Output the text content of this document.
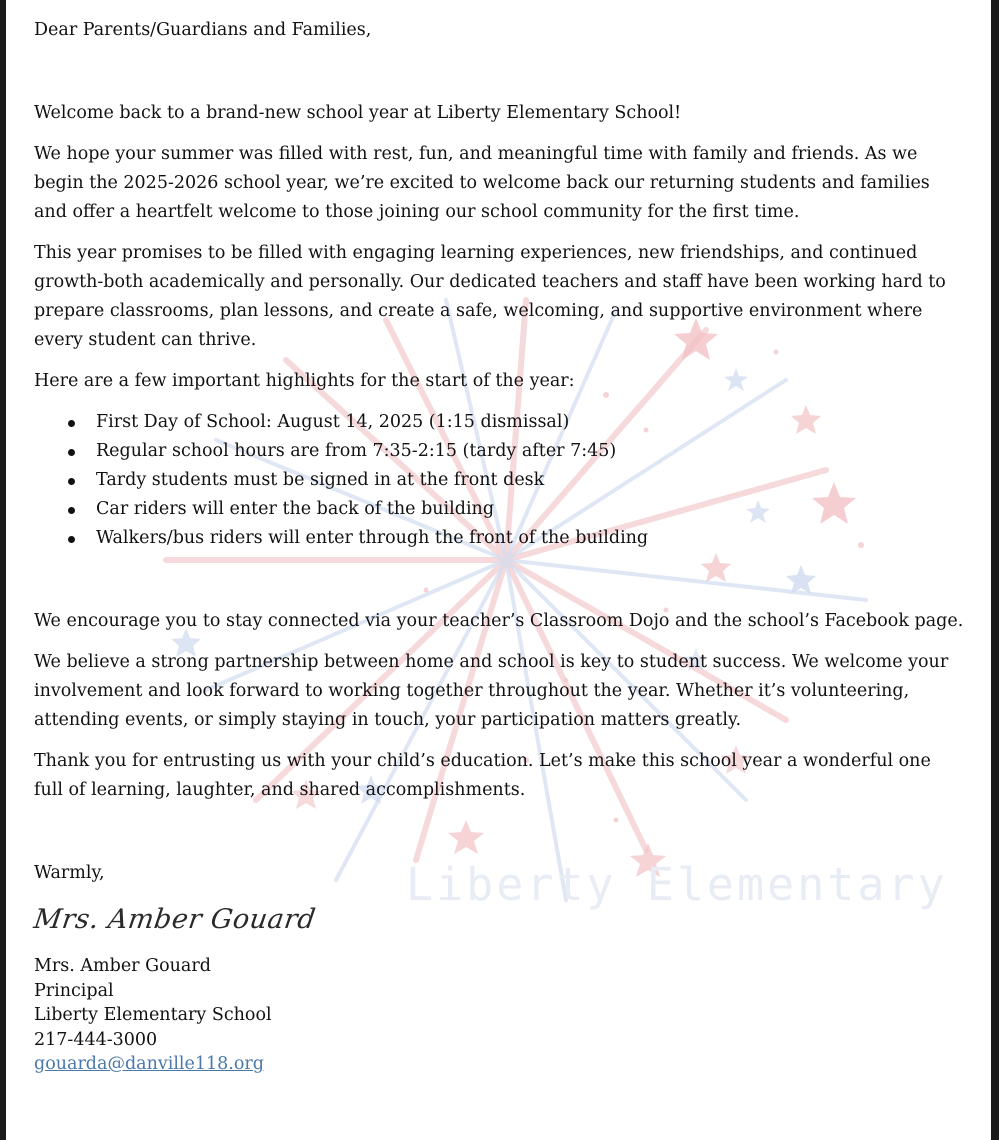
Liberty Elementary

Dear Parents/Guardians and Families,

Welcome back to a brand-new school year at Liberty Elementary School!

We hope your summer was filled with rest, fun, and meaningful time with family and friends. As we begin the 2025-2026 school year, we’re excited to welcome back our returning students and families and offer a heartfelt welcome to those joining our school community for the first time.

This year promises to be filled with engaging learning experiences, new friendships, and continued growth-both academically and personally. Our dedicated teachers and staff have been working hard to prepare classrooms, plan lessons, and create a safe, welcoming, and supportive environment where every student can thrive.

Here are a few important highlights for the start of the year:

First Day of School: August 14, 2025 (1:15 dismissal)
Regular school hours are from 7:35-2:15 (tardy after 7:45)
Tardy students must be signed in at the front desk
Car riders will enter the back of the building
Walkers/bus riders will enter through the front of the building

We encourage you to stay connected via your teacher’s Classroom Dojo and the school’s Facebook page.

We believe a strong partnership between home and school is key to student success. We welcome your involvement and look forward to working together throughout the year. Whether it’s volunteering, attending events, or simply staying in touch, your participation matters greatly.

Thank you for entrusting us with your child’s education. Let’s make this school year a wonderful one full of learning, laughter, and shared accomplishments.

Warmly,

Mrs. Amber Gouard
Mrs. Amber Gouard
Principal
Liberty Elementary School
217-444-3000
gouarda@danville118.org
